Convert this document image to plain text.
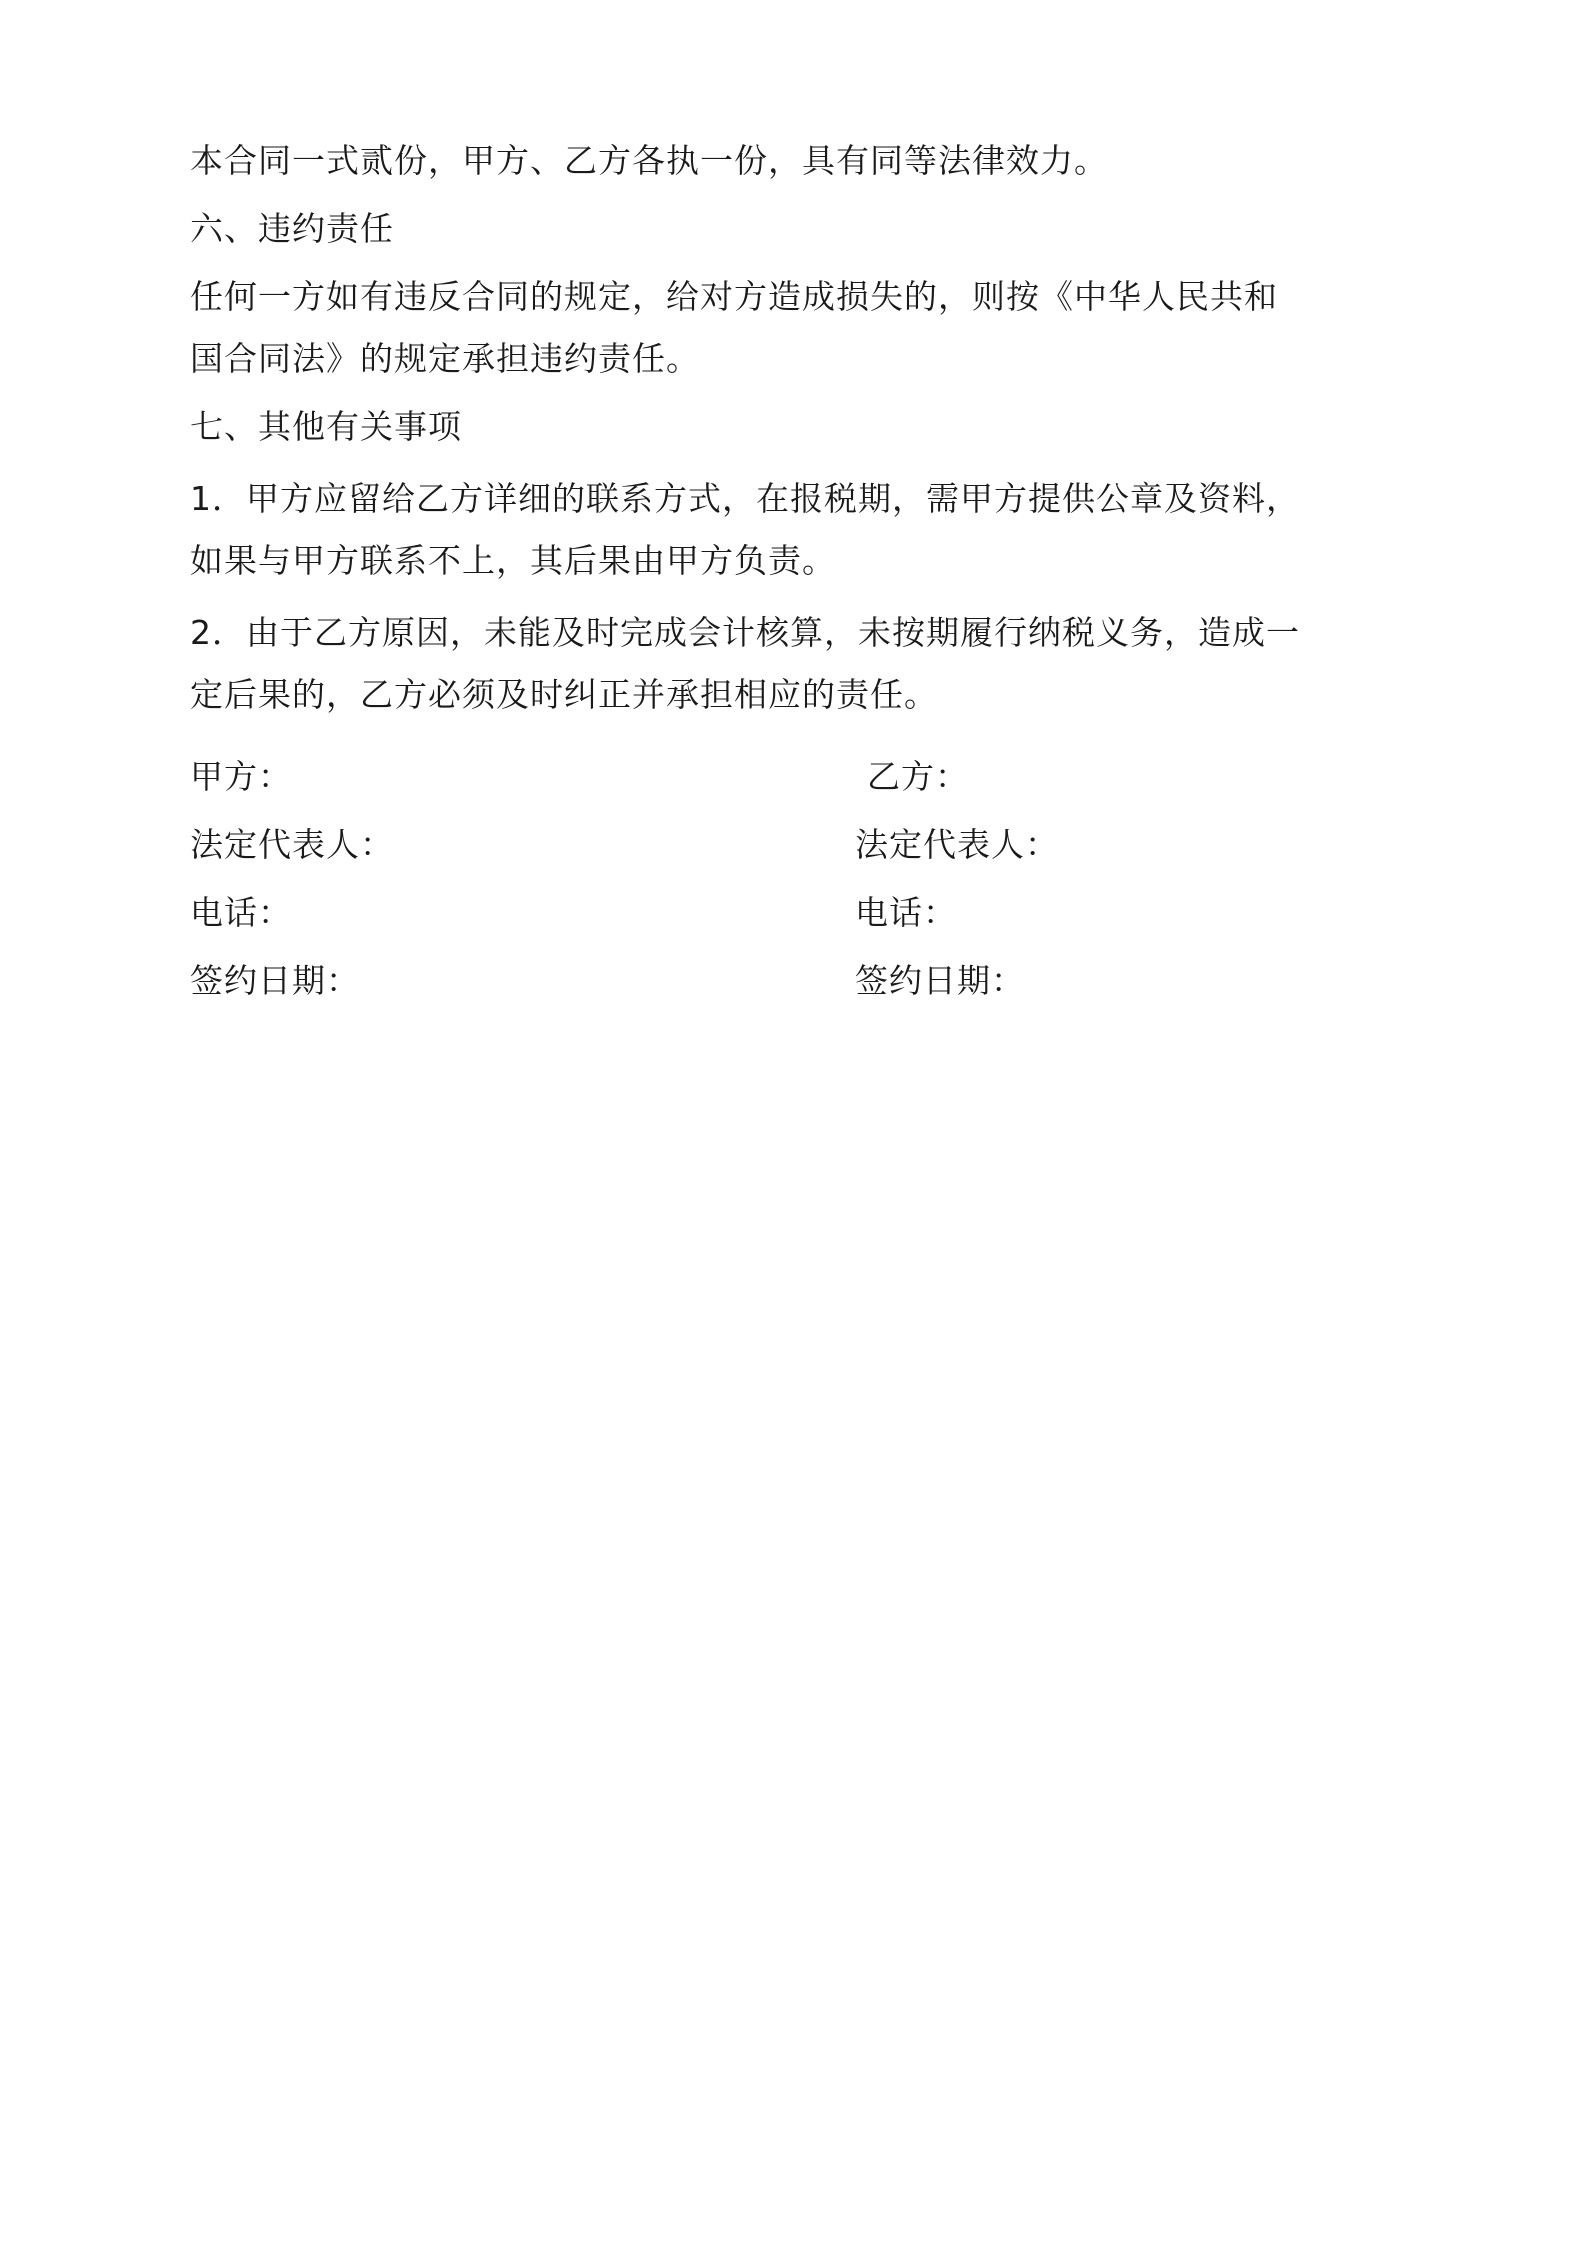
本合同一式贰份，甲方、乙方各执一份，具有同等法律效力。
六、违约责任
任何一方如有违反合同的规定，给对方造成损失的，则按《中华人民共和
国合同法》的规定承担违约责任。
七、其他有关事项
1．甲方应留给乙方详细的联系方式，在报税期，需甲方提供公章及资料，
如果与甲方联系不上，其后果由甲方负责。
2．由于乙方原因，未能及时完成会计核算，未按期履行纳税义务，造成一
定后果的，乙方必须及时纠正并承担相应的责任。
甲方：	乙方：
法定代表人：	法定代表人：
电话：	电话：
签约日期：	签约日期：
